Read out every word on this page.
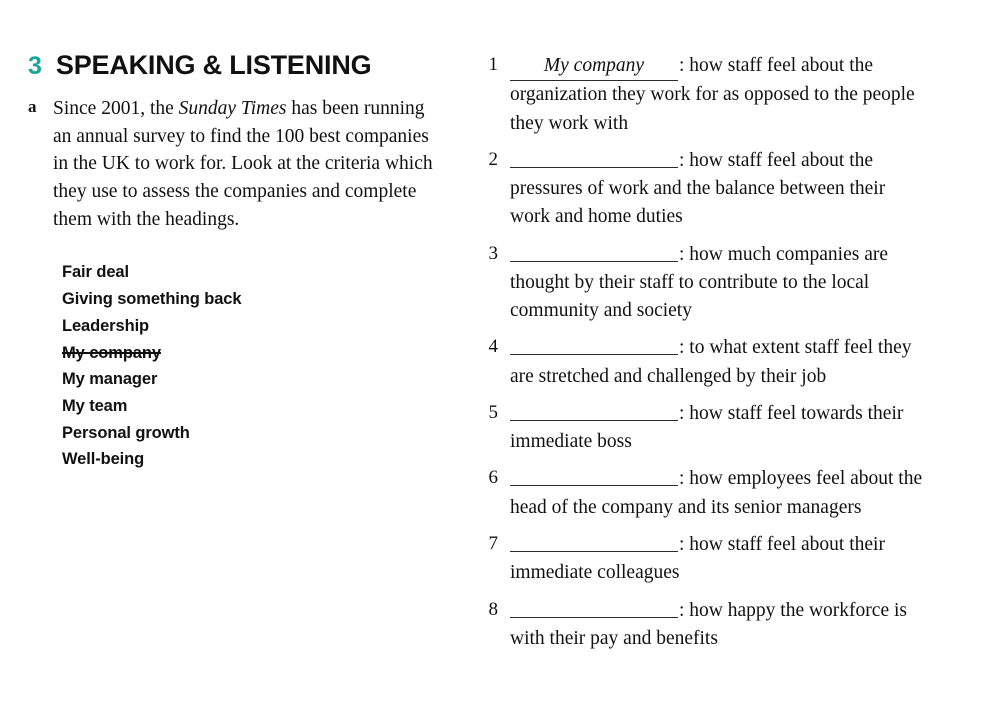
3 SPEAKING & LISTENING
a Since 2001, the Sunday Times has been running an annual survey to find the 100 best companies in the UK to work for. Look at the criteria which they use to assess the companies and complete them with the headings.
Fair deal
Giving something back
Leadership
My company
My manager
My team
Personal growth
Well-being
1	My company : how staff feel about the organization they work for as opposed to the people they work with
2	: how staff feel about the pressures of work and the balance between their work and home duties
3	: how much companies are thought by their staff to contribute to the local community and society
4	: to what extent staff feel they are stretched and challenged by their job
5	: how staff feel towards their immediate boss
6	: how employees feel about the head of the company and its senior managers
7	: how staff feel about their immediate colleagues
8	: how happy the workforce is with their pay and benefits
